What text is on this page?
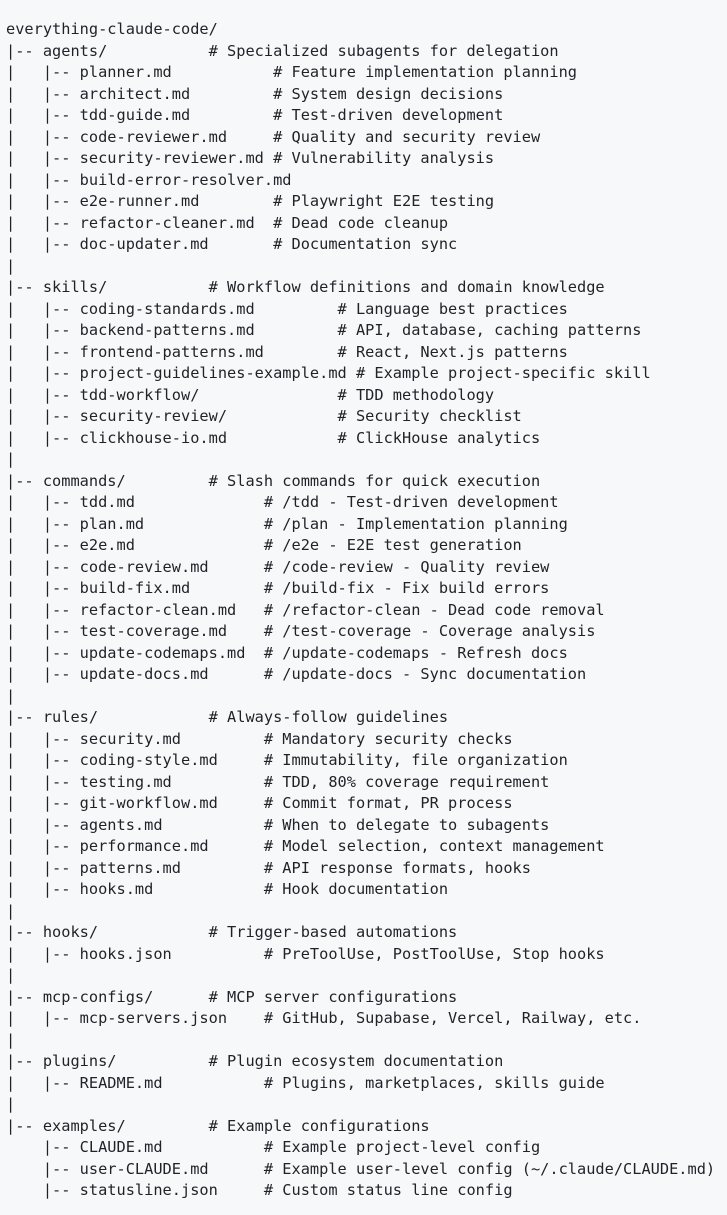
everything-claude-code/
|-- agents/           # Specialized subagents for delegation
|   |-- planner.md           # Feature implementation planning
|   |-- architect.md         # System design decisions
|   |-- tdd-guide.md         # Test-driven development
|   |-- code-reviewer.md     # Quality and security review
|   |-- security-reviewer.md # Vulnerability analysis
|   |-- build-error-resolver.md
|   |-- e2e-runner.md        # Playwright E2E testing
|   |-- refactor-cleaner.md  # Dead code cleanup
|   |-- doc-updater.md       # Documentation sync
|
|-- skills/           # Workflow definitions and domain knowledge
|   |-- coding-standards.md         # Language best practices
|   |-- backend-patterns.md         # API, database, caching patterns
|   |-- frontend-patterns.md        # React, Next.js patterns
|   |-- project-guidelines-example.md # Example project-specific skill
|   |-- tdd-workflow/               # TDD methodology
|   |-- security-review/            # Security checklist
|   |-- clickhouse-io.md            # ClickHouse analytics
|
|-- commands/         # Slash commands for quick execution
|   |-- tdd.md              # /tdd - Test-driven development
|   |-- plan.md             # /plan - Implementation planning
|   |-- e2e.md              # /e2e - E2E test generation
|   |-- code-review.md      # /code-review - Quality review
|   |-- build-fix.md        # /build-fix - Fix build errors
|   |-- refactor-clean.md   # /refactor-clean - Dead code removal
|   |-- test-coverage.md    # /test-coverage - Coverage analysis
|   |-- update-codemaps.md  # /update-codemaps - Refresh docs
|   |-- update-docs.md      # /update-docs - Sync documentation
|
|-- rules/            # Always-follow guidelines
|   |-- security.md         # Mandatory security checks
|   |-- coding-style.md     # Immutability, file organization
|   |-- testing.md          # TDD, 80% coverage requirement
|   |-- git-workflow.md     # Commit format, PR process
|   |-- agents.md           # When to delegate to subagents
|   |-- performance.md      # Model selection, context management
|   |-- patterns.md         # API response formats, hooks
|   |-- hooks.md            # Hook documentation
|
|-- hooks/            # Trigger-based automations
|   |-- hooks.json          # PreToolUse, PostToolUse, Stop hooks
|
|-- mcp-configs/      # MCP server configurations
|   |-- mcp-servers.json    # GitHub, Supabase, Vercel, Railway, etc.
|
|-- plugins/          # Plugin ecosystem documentation
|   |-- README.md           # Plugins, marketplaces, skills guide
|
|-- examples/         # Example configurations
|-- CLAUDE.md           # Example project-level config
|-- user-CLAUDE.md      # Example user-level config (~/.claude/CLAUDE.md)
|-- statusline.json     # Custom status line config
